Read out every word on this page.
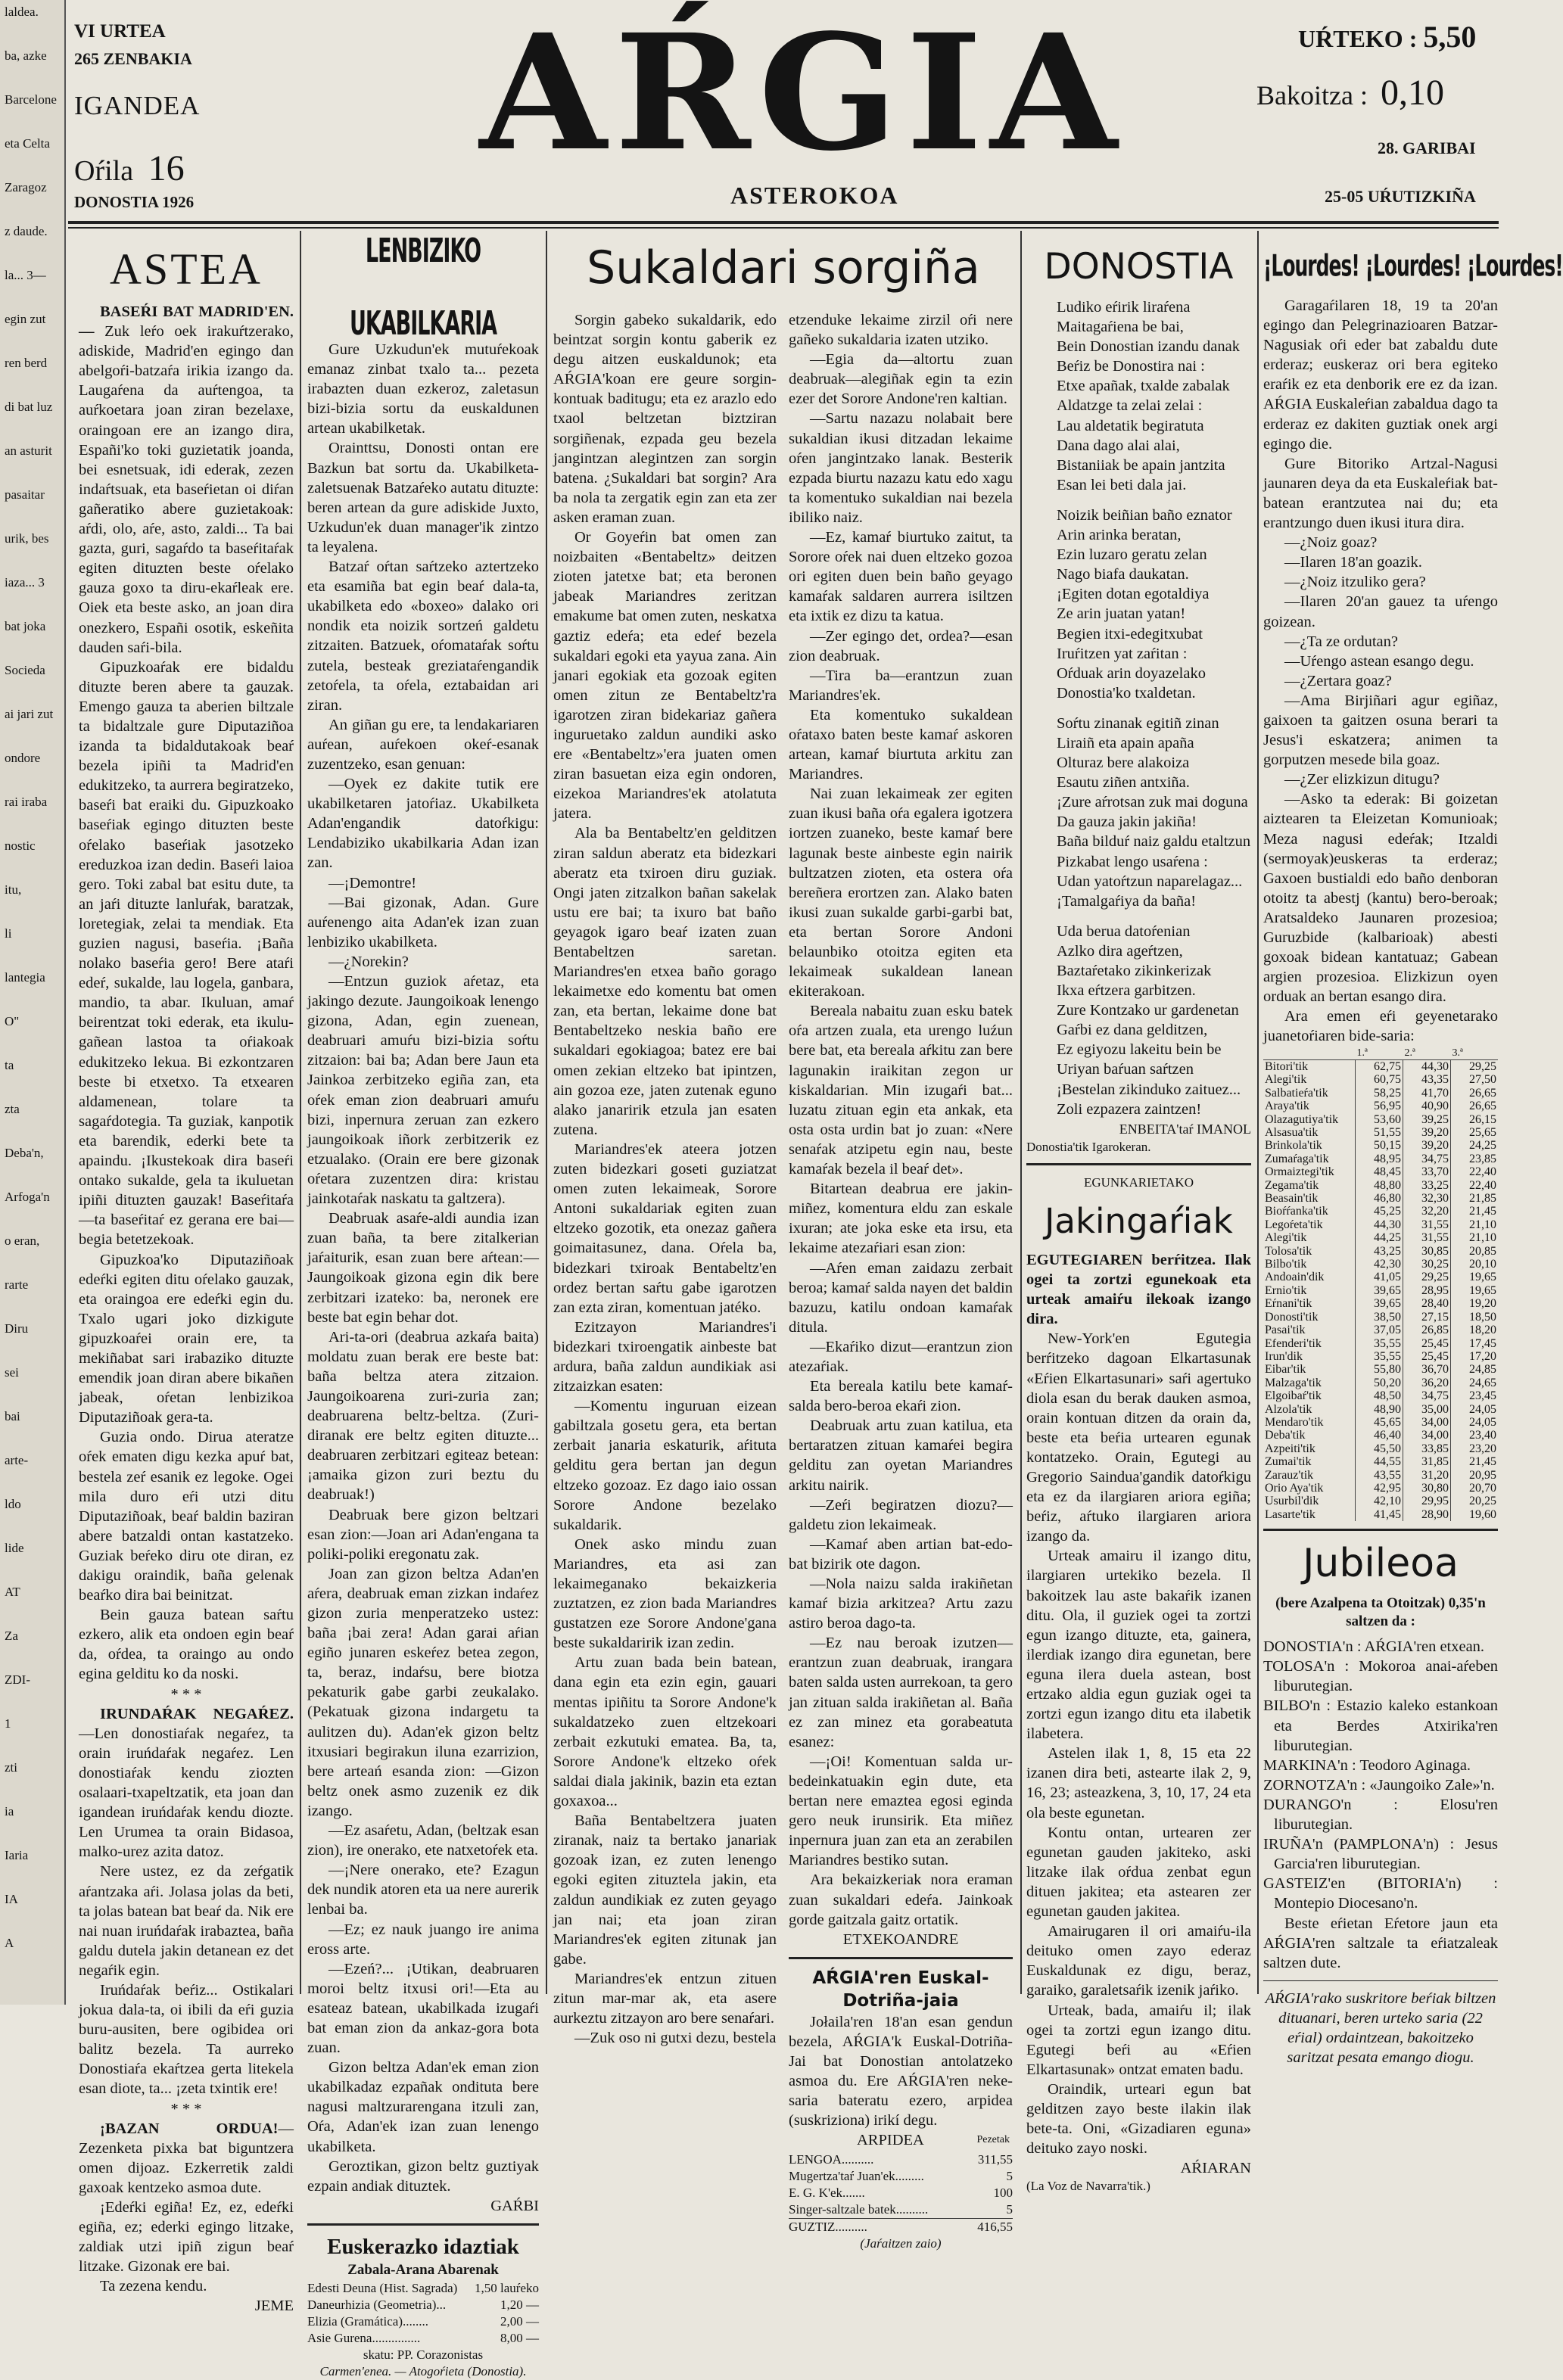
laldea.
ba, azke
Barcelone
eta Celta
Zaragoz
z daude.
la... 3—
egin zut
ren berd
di bat luz
an asturit
pasaitar
urik, bes
iaza... 3
bat joka
Socieda
ai jari zut
ondore
rai iraba
nostic
itu,
li
lantegia
O"
ta
zta
Deba'n,
Arfoga'n
o eran,
rarte
Diru
sei
bai
arte-
ldo
lide
AT
Za
ZDI-
1
zti
ia
Iaria
IA
A
VI URTEA
265 ZENBAKIA
IGANDEA
Oŕila 16
DONOSTIA 1926
AŔGIA
ASTEROKOA
UŔTEKO : 5,50
Bakoitza : 0,10
28. GARIBAI
25-05 UŔUTIZKIÑA
ASTEA

BASEŔI BAT MADRID'EN.— Zuk leŕo oek irakuŕtzerako, adiskide, Madrid'en egingo dan abelgoŕi-batzaŕa irikia izango da. Laugaŕena da auŕtengoa, ta auŕkoetara joan ziran bezelaxe, oraingoan ere an izango dira, Españi'ko toki guzietatik joanda, bei esnetsuak, idi ederak, zezen indaŕtsuak, eta baseŕietan oi diŕan gañeratiko abere guzietakoak: aŕdi, olo, aŕe, asto, zaldi... Ta bai gazta, guri, sagaŕdo ta baseŕitaŕak egiten dituzten beste oŕelako gauza goxo ta diru-ekaŕleak ere. Oiek eta beste asko, an joan dira onezkero, Españi osotik, eskeñita dauden saŕi-bila.

Gipuzkoaŕak ere bidaldu dituzte beren abere ta gauzak. Emengo gauza ta aberien biltzale ta bidaltzale gure Diputaziñoa izanda ta bidaldutakoak beaŕ bezela ipiñi ta Madrid'en edukitzeko, ta aurrera begiratzeko, baseŕi bat eraiki du. Gipuzkoako baseŕiak egingo dituzten beste oŕelako baseŕiak jasotzeko ereduzkoa izan dedin. Baseŕi laioa gero. Toki zabal bat esitu dute, ta an jaŕi dituzte lanluŕak, baratzak, loretegiak, zelai ta mendiak. Eta guzien nagusi, baseŕia. ¡Baña nolako baseŕia gero! Bere ataŕi edeŕ, sukalde, lau logela, ganbara, mandio, ta abar. Ikuluan, amaŕ beirentzat toki ederak, eta ikulu-gañean lastoa ta oŕiakoak edukitzeko lekua. Bi ezkontzaren beste bi etxetxo. Ta etxearen aldamenean, tolare ta sagaŕdotegia. Ta guziak, kanpotik eta barendik, ederki bete ta apaindu. ¡Ikustekoak dira baseŕi ontako sukalde, gela ta ikuluetan ipiñi dituzten gauzak! Baseŕitaŕa —ta baseŕitaŕ ez gerana ere bai— begia betetzekoak.

Gipuzkoa'ko Diputaziñoak edeŕki egiten ditu oŕelako gauzak, eta oraingoa ere edeŕki egin du. Txalo ugari joko dizkigute gipuzkoaŕei orain ere, ta mekiñabat sari irabaziko dituzte emendik joan diran abere bikañen jabeak, oŕetan lenbizikoa Diputaziñoak gera-ta.

Guzia ondo. Dirua ateratze oŕek ematen digu kezka apuŕ bat, bestela zeŕ esanik ez legoke. Ogei mila duro eŕi utzi ditu Diputaziñoak, beaŕ baldin baziran abere batzaldi ontan kastatzeko. Guziak beŕeko diru ote diran, ez dakigu oraindik, baña gelenak beaŕko dira bai beinitzat.

Bein gauza batean saŕtu ezkero, alik eta ondoen egin beaŕ da, oŕdea, ta oraingo au ondo egina gelditu ko da noski.

* * *

IRUNDAŔAK NEGAŔEZ.—Len donostiaŕak negaŕez, ta orain iruńdaŕak negaŕez. Len donostiaŕak kendu ziozten osalaari-txapeltzatik, eta joan dan igandean iruńdaŕak kendu diozte. Len Urumea ta orain Bidasoa, malko-urez azita datoz.

Nere ustez, ez da zeŕgatik aŕantzaka aŕi. Jolasa jolas da beti, ta jolas batean bat beaŕ da. Nik ere nai nuan iruńdaŕak irabaztea, baña galdu dutela jakin detanean ez det negaŕik egin.

Iruńdaŕak beŕiz... Ostikalari jokua dala-ta, oi ibili da eŕi guzia buru-ausiten, bere ogibidea ori balitz bezela. Ta aurreko Donostiaŕa ekaŕtzea gerta litekela esan diote, ta... ¡zeta txintik ere!

* * *

¡BAZAN ORDUA!—Zezenketa pixka bat biguntzera omen dijoaz. Ezkerretik zaldi gaxoak kentzeko asmoa dute.

¡Edeŕki egiña! Ez, ez, edeŕki egiña, ez; ederki egingo litzake, zaldiak utzi ipiñ zigun beaŕ litzake. Gizonak ere bai.

Ta zezena kendu.

JEME
LENBIZIKO UKABILKARIA

Gure Uzkudun'ek mutuŕekoak emanaz zinbat txalo ta... pezeta irabazten duan ezkeroz, zaletasun bizi-bizia sortu da euskaldunen artean ukabilketak.

Orainttsu, Donosti ontan ere Bazkun bat sortu da. Ukabilketa-zaletsuenak Batzaŕeko autatu dituzte: beren artean da gure adiskide Juxto, Uzkudun'ek duan manager'ik zintzo ta leyalena.

Batzaŕ oŕtan saŕtzeko aztertzeko eta esamiña bat egin beaŕ dala-ta, ukabilketa edo «boxeo» dalako ori nondik eta noizik sortzeń galdetu zitzaiten. Batzuek, oŕomataŕak soŕtu zutela, besteak greziataŕengandik zetoŕela, ta oŕela, eztabaidan ari ziran.

An giñan gu ere, ta lendakariaren auŕean, auŕekoen okeŕ-esanak zuzentzeko, esan genuan:

—Oyek ez dakite tutik ere ukabilketaren jatoŕiaz. Ukabilketa Adan'engandik datoŕkigu: Lendabiziko ukabilkaria Adan izan zan.

—¡Demontre!

—Bai gizonak, Adan. Gure auŕenengo aita Adan'ek izan zuan lenbiziko ukabilketa.

—¿Norekin?

—Entzun guziok aŕetaz, eta jakingo dezute. Jaungoikoak lenengo gizona, Adan, egin zuenean, deabruari amuŕu bizi-bizia soŕtu zitzaion: bai ba; Adan bere Jaun eta Jainkoa zerbitzeko egiña zan, eta oŕek eman zion deabruari amuŕu bizi, inpernura zeruan zan ezkero jaungoikoak iñork zerbitzerik ez etzualako. (Orain ere bere gizonak oŕetara zuzentzen dira: kristau jainkotaŕak naskatu ta galtzera).

Deabruak asaŕe-aldi aundia izan zuan baña, ta bere zitalkerian jaŕaiturik, esan zuan bere aŕtean:—Jaungoikoak gizona egin dik bere zerbitzari izateko: ba, neronek ere beste bat egin behar dot.

Ari-ta-ori (deabrua azkaŕa baita) moldatu zuan berak ere beste bat: baña beltza atera zitzaion. Jaungoikoarena zuri-zuria zan; deabruarena beltz-beltza. (Zuri-diranak ere beltz egiten dituzte... deabruaren zerbitzari egiteaz betean: ¡amaika gizon zuri beztu du deabruak!)

Deabruak bere gizon beltzari esan zion:—Joan ari Adan'engana ta poliki-poliki eregonatu zak.

Joan zan gizon beltza Adan'en aŕera, deabruak eman zizkan indaŕez gizon zuria menperatzeko ustez: baña ¡bai zera! Adan garai aŕian egiño junaren eskeŕez betea zegon, ta, beraz, indaŕsu, bere biotza pekaturik gabe garbi zeukalako. (Pekatuak gizona indargetu ta aulitzen du). Adan'ek gizon beltz itxusiari begirakun iluna ezarrizion, bere arteań esanda zion: —Gizon beltz onek asmo zuzenik ez dik izango.

—Ez asaŕetu, Adan, (beltzak esan zion), ire onerako, ete natxetoŕek eta.

—¡Nere onerako, ete? Ezagun dek nundik atoren eta ua nere aurerik lenbai ba.

—Ez; ez nauk juango ire anima eross arte.

—Ezeń?... ¡Utikan, deabruaren moroi beltz itxusi ori!—Eta au esateaz batean, ukabilkada izugaŕi bat eman zion da ankaz-gora bota zuan.

Gizon beltza Adan'ek eman zion ukabilkadaz ezpañak ondituta bere nagusi maltzurarengana itzuli zan, Oŕa, Adan'ek izan zuan lenengo ukabilketa.

Geroztikan, gizon beltz guztiyak ezpain andiak dituztek.

GAŔBI
Euskerazko idaztiak
Zabala-Arana Abarenak
Edesti Deuna (Hist. Sagrada) 1,50 lauŕeko
Daneurhizia (Geometria)...	1,20 —
Elizia (Gramática)........	2,00 —
Asie Gurena...............	8,00 —
skatu: PP. Corazonistas
Carmen'enea. — Atogoŕieta (Donostia).
Sukaldari sorgiña

Sorgin gabeko sukaldarik, edo beintzat sorgin kontu gaberik ez degu aitzen euskaldunok; eta AŔGIA'koan ere geure sorgin-kontuak baditugu; eta ez arazlo edo txaol beltzetan biztziran sorgiñenak, ezpada geu bezela jangintzan alegintzen zan sorgin batena. ¿Sukaldari bat sorgin? Ara ba nola ta zergatik egin zan eta zer asken eraman zuan.

Or Goyeŕin bat omen zan noizbaiten «Bentabeltz» deitzen zioten jatetxe bat; eta beronen jabeak Mariandres zeritzan emakume bat omen zuten, neskatxa gaztiz edeŕa; eta edeŕ bezela sukaldari egoki eta yayua zana. Ain janari egokiak eta gozoak egiten omen zitun ze Bentabeltz'ra igarotzen ziran bidekariaz gañera inguruetako zaldun aundiki asko ere «Bentabeltz»'era juaten omen ziran basuetan eiza egin ondoren, eizekoa Mariandres'ek atolatuta jatera.

Ala ba Bentabeltz'en gelditzen ziran saldun aberatz eta bidezkari aberatz eta txiroen diru guziak. Ongi jaten zitzalkon bañan sakelak ustu ere bai; ta ixuro bat baño geyagok igaro beaŕ izaten zuan Bentabeltzen saretan. Mariandres'en etxea baño gorago lekaimetxe edo komentu bat omen zan, eta bertan, lekaime done bat Bentabeltzeko neskia baño ere sukaldari egokiagoa; batez ere bai omen zekian eltzeko bat ipintzen, ain gozoa eze, jaten zutenak eguno alako janaririk etzula jan esaten zutena.

Mariandres'ek ateera jotzen zuten bidezkari goseti guziatzat omen zuten lekaimeak, Sorore Antoni sukaldariak egiten zuan eltzeko gozotik, eta onezaz gañera goimaitasunez, dana. Oŕela ba, bidezkari txiroak Bentabeltz'en ordez bertan saŕtu gabe igarotzen zan ezta ziran, komentuan jatéko.

Ezitzayon Mariandres'i bidezkari txiroengatik ainbeste bat ardura, baña zaldun aundikiak asi zitzaizkan esaten:

—Komentu inguruan eizean gabiltzala gosetu gera, eta bertan zerbait janaria eskaturik, aŕituta gelditu gera bertan jan degun eltzeko gozoaz. Ez dago iaio ossan Sorore Andone bezelako sukaldarik.

Onek asko mindu zuan Mariandres, eta asi zan lekaimeganako bekaizkeria zuztatzen, ez zion bada Mariandres gustatzen eze Sorore Andone'gana beste sukaldaririk izan zedin.

Artu zuan bada bein batean, dana egin eta ezin egin, gauari mentas ipiñitu ta Sorore Andone'k sukaldatzeko zuen eltzekoari zerbait ezkutuki ematea. Ba, ta, Sorore Andone'k eltzeko oŕek saldai diala jakinik, bazin eta eztan goxaxoa...

Baña Bentabeltzera juaten ziranak, naiz ta bertako janariak gozoak izan, ez zuten lenengo egoki egiten zituztela jakin, eta zaldun aundikiak ez zuten geyago jan nai; eta joan ziran Mariandres'ek egiten zitunak jan gabe.

Mariandres'ek entzun zituen zitun mar-mar ak, eta asere aurkeztu zitzayon aro bere senaŕari.

—Zuk oso ni gutxi dezu, bestela

etzenduke lekaime zirzil oŕi nere gañeko sukaldaria izaten utziko.

—Egia da—altortu zuan deabruak—alegiñak egin ta ezin ezer det Sorore Andone'ren kaltian.

—Sartu nazazu nolabait bere sukaldian ikusi ditzadan lekaime oŕen jangintzako lanak. Besterik ezpada biurtu nazazu katu edo xagu ta komentuko sukaldian nai bezela ibiliko naiz.

—Ez, kamaŕ biurtuko zaitut, ta Sorore oŕek nai duen eltzeko gozoa ori egiten duen bein baño geyago kamaŕak saldaren aurrera isiltzen eta ixtik ez dizu ta katua.

—Zer egingo det, ordea?—esan zion deabruak.

—Tira ba—erantzun zuan Mariandres'ek.

Eta komentuko sukaldean oŕataxo baten beste kamaŕ askoren artean, kamaŕ biurtuta arkitu zan Mariandres.

Nai zuan lekaimeak zer egiten zuan ikusi baña oŕa egalera igotzera iortzen zuaneko, beste kamaŕ bere lagunak beste ainbeste egin nairik bultzatzen zioten, eta ostera oŕa bereñera erortzen zan. Alako baten ikusi zuan sukalde garbi-garbi bat, eta bertan Sorore Andoni belaunbiko otoitza egiten eta lekaimeak sukaldean lanean ekiterakoan.

Bereala nabaitu zuan esku batek oŕa artzen zuala, eta urengo luźun bere bat, eta bereala aŕkitu zan bere lagunakin iraikitan zegon ur kiskaldarian. Min izugaŕi bat... luzatu zituan egin eta ankak, eta osta osta urdin bat jo zuan: «Nere senaŕak atzipetu egin nau, beste kamaŕak bezela il beaŕ det».

Bitartean deabrua ere jakin-miñez, komentura eldu zan eskale ixuran; ate joka eske eta irsu, eta lekaime atezaŕiari esan zion:

—Aŕen eman zaidazu zerbait beroa; kamaŕ salda nayen det baldin bazuzu, katilu ondoan kamaŕak ditula.

—Ekaŕiko dizut—erantzun zion atezaŕiak.

Eta bereala katilu bete kamaŕ-salda bero-beroa ekaŕi zion.

Deabruak artu zuan katilua, eta bertaratzen zituan kamaŕei begira gelditu zan oyetan Mariandres arkitu nairik.

—Zeŕi begiratzen diozu?—galdetu zion lekaimeak.

—Kamaŕ aben artian bat-edo-bat bizirik ote dagon.

—Nola naizu salda irakiñetan kamaŕ bizia arkitzea? Artu zazu astiro beroa dago-ta.

—Ez nau beroak izutzen—erantzun zuan deabruak, irangara baten salda usten aurrekoan, ta gero jan zituan salda irakiñetan al. Baña ez zan minez eta gorabeatuta esanez:

—¡Oi! Komentuan salda ur-bedeinkatuakin egin dute, eta bertan nere emaztea egosi eginda gero neuk irunsirik. Eta miñez inpernura juan zan eta an zerabilen Mariandres bestiko sutan.

Ara bekaizkeriak nora eraman zuan sukaldari edeŕa. Jainkoak gorde gaitzala gaitz ortatik.

ETXEKOANDRE
AŔGIA'ren Euskal-Dotriña-jaia

Jołaila'ren 18'an esan gendun bezela, AŔGIA'k Euskal-Dotriña-Jai bat Donostian antolatzeko asmoa du. Ere AŔGIA'ren neke-saria bateratu ezero, arpidea (suskriziona) irikí degu.

ARPIDEA	Pezetak
LENGOA..........	311,55
Mugertza'taŕ Juan'ek.........	5
E. G. K'ek.......	100
Singer-saltzale batek..........	5
GUZTIZ..........	416,55
(Jaŕaitzen zaio)
DONOSTIA
Ludiko eŕirik liraŕena
Maitagaŕiena be bai,
Bein Donostian izandu danak
Beŕiz be Donostira nai :
Etxe apañak, txalde zabalak
Aldatzge ta zelai zelai :
Lau aldetatik begiratuta
Dana dago alai alai,
Bistaniiak be apain jantzita
Esan lei beti dala jai.
Noizik beiñian baño eznator
Arin arinka beratan,
Ezin luzaro geratu zelan
Nago biafa daukatan.
¡Egiten dotan egotaldiya
Ze arin juatan yatan!
Begien itxi-edegitxubat
Iruŕitzen yat zaŕitan :
Oŕduak arin doyazelako
Donostia'ko txaldetan.
Soŕtu zinanak egitiñ zinan
Liraiñ eta apain apaña
Olturaz bere alakoiza
Esautu ziñen antxiña.
¡Zure aŕrotsan zuk mai doguna
Da gauza jakin jakiña!
Baña bilduŕ naiz galdu etaltzun
Pizkabat lengo usaŕena :
Udan yatoŕtzun naparelagaz...
¡Tamalgaŕiya da baña!
Uda berua datoŕenian
Azlko dira ageŕtzen,
Baztaŕetako zikinkerizak
Ikxa eŕtzera garbitzen.
Zure Kontzako ur gardenetan
Gaŕbi ez dana gelditzen,
Ez egiyozu lakeitu bein be
Uriyan baŕuan saŕtzen
¡Bestelan zikinduko zaituez...
Zoli ezpazera zaintzen!
ENBEITA'taŕ IMANOL
Donostia'tik Igarokeran.
EGUNKARIETAKO
Jakingaŕiak

EGUTEGIAREN berŕitzea. Ilak ogei ta zortzi egunekoak eta urteak amaiŕu ilekoak izango dira.

New-York'en Egutegia berŕitzeko dagoan Elkartasunak «Eŕien Elkartasunari» saŕi agertuko diola esan du berak dauken asmoa, orain kontuan ditzen da orain da, beste eta beŕia urtearen egunak kontatzeko. Orain, Egutegi au Gregorio Saindua'gandik datoŕkigu eta ez da ilargiaren ariora egiña; beŕiz, aŕtuko ilargiaren ariora izango da.

Urteak amairu il izango ditu, ilargiaren urtekiko bezela. Il bakoitzek lau aste bakaŕik izanen ditu. Ola, il guziek ogei ta zortzi egun izango dituzte, eta, gainera, ilerdiak izango dira egunetan, bere eguna ilera duela astean, bost ertzako aldia egun guziak ogei ta zortzi egun izango ditu eta ilabetik ilabetera.

Astelen ilak 1, 8, 15 eta 22 izanen dira beti, astearte ilak 2, 9, 16, 23; asteazkena, 3, 10, 17, 24 eta ola beste egunetan.

Kontu ontan, urtearen zer egunetan gauden jakiteko, aski litzake ilak oŕdua zenbat egun dituen jakitea; eta astearen zer egunetan gauden jakitea.

Amairugaren il ori amaiŕu-ila deituko omen zayo ederaz Euskaldunak ez digu, beraz, garaiko, garaletsaŕik izenik jaŕiko.

Urteak, bada, amaiŕu il; ilak ogei ta zortzi egun izango ditu. Egutegi beŕi au «Eŕien Elkartasunak» ontzat ematen badu.

Oraindik, urteari egun bat gelditzen zayo beste ilakin ilak bete-ta. Oni, «Gizadiaren eguna» deituko zayo noski.

AŔIARAN
(La Voz de Navarra'tik.)
¡Lourdes! ¡Lourdes! ¡Lourdes!

Garagaŕilaren 18, 19 ta 20'an egingo dan Pelegrinazioaren Batzar-Nagusiak oŕi eder bat zabaldu dute erderaz; euskeraz ori bera egiteko eraŕik ez eta denborik ere ez da izan. AŔGIA Euskaleŕian zabaldua dago ta erderaz ez dakiten guztiak onek argi egingo die.

Gure Bitoriko Artzal-Nagusi jaunaren deya da eta Euskaleŕiak bat-batean erantzutea nai du; eta erantzungo duen ikusi itura dira.

—¿Noiz goaz?

—Ilaren 18'an goazik.

—¿Noiz itzuliko gera?

—Ilaren 20'an gauez ta uŕengo goizean.

—¿Ta ze ordutan?

—Uŕengo astean esango degu.

—¿Zertara goaz?

—Ama Birjiñari agur egiñaz, gaixoen ta gaitzen osuna berari ta Jesus'i eskatzera; animen ta gorputzen mesede bila goaz.

—¿Zer elizkizun ditugu?

—Asko ta ederak: Bi goizetan aiztearen ta Eleizetan Komunioak; Meza nagusi edeŕak; Itzaldi (sermoyak)euskeras ta erderaz; Gaxoen bustialdi edo baño denboran otoitz ta abestj (kantu) bero-beroak; Aratsaldeko Jaunaren prozesioa; Guruzbide (kalbarioak) abesti goxoak bidean kantatuaz; Gabean argien prozesioa. Elizkizun oyen orduak an bertan esango dira.

Ara emen eŕi geyenetarako juanetoŕiaren bide-saria:

	1.ª	2.ª	3.ª
Bitori'tik	62,75	44,30	29,25
Alegi'tik	60,75	43,35	27,50
Salbatieŕa'tik	58,25	41,70	26,65
Araya'tik	56,95	40,90	26,65
Olazagutiya'tik	53,60	39,25	26,15
Alsasua'tik	51,55	39,20	25,65
Brinkola'tik	50,15	39,20	24,25
Zumaŕaga'tik	48,95	34,75	23,85
Ormaiztegi'tik	48,45	33,70	22,40
Zegama'tik	48,80	33,25	22,40
Beasain'tik	46,80	32,30	21,85
Bioŕŕanka'tik	45,25	32,20	21,45
Legoŕeta'tik	44,30	31,55	21,10
Alegi'tik	44,25	31,55	21,10
Tolosa'tik	43,25	30,85	20,85
Bilbo'tik	42,30	30,25	20,10
Andoain'dik	41,05	29,25	19,65
Ernio'tik	39,65	28,95	19,65
Eŕnani'tik	39,65	28,40	19,20
Donosti'tik	38,50	27,15	18,50
Pasai'tik	37,05	26,85	18,20
Efenderi'tik	35,55	25,45	17,45
Irun'dik	35,55	25,45	17,20
Eibar'tik	55,80	36,70	24,85
Malzaga'tik	50,20	36,20	24,65
Elgoibaŕ'tik	48,50	34,75	23,45
Alzola'tik	48,90	35,00	24,05
Mendaro'tik	45,65	34,00	24,05
Deba'tik	46,40	34,00	23,40
Azpeiti'tik	45,50	33,85	23,20
Zumai'tik	44,55	31,85	21,45
Zarauz'tik	43,55	31,20	20,95
Orio Aya'tik	42,95	30,80	20,70
Usurbil'dik	42,10	29,95	20,25
Lasarte'tik	41,45	28,90	19,60
Jubileoa
(bere Azalpena ta Otoitzak) 0,35'n saltzen da :

DONOSTIA'n : AŔGIA'ren etxean.

TOLOSA'n : Mokoroa anai-aŕeben liburutegian.

BILBO'n : Estazio kaleko estankoan eta Berdes Atxirika'ren liburutegian.

MARKINA'n : Teodoro Aginaga.

ZORNOTZA'n : «Jaungoiko Zale»'n.

DURANGO'n : Elosu'ren liburutegian.

IRUÑA'n (PAMPLONA'n) : Jesus Garcia'ren liburutegian.

GASTEIZ'en (BITORIA'n) : Montepio Diocesano'n.

Beste eŕietan Eŕetore jaun eta AŔGIA'ren saltzale ta eŕiatzaleak saltzen dute.

AŔGIA'rako suskritore beŕiak biltzen dituanari, beren urteko saria (22 eŕial) ordaintzean, bakoitzeko saritzat pesata emango diogu.
